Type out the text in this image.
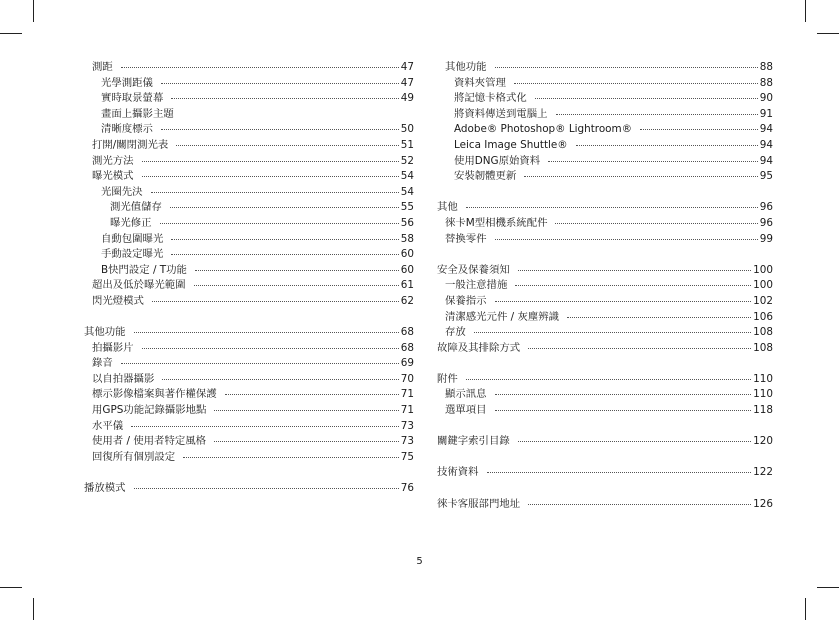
測距	47
光學測距儀	47
實時取景螢幕	49
畫面上攝影主題
清晰度標示	50
打開/關閉測光表	51
測光方法	52
曝光模式	54
光圈先決	54
測光值儲存	55
曝光修正	56
自動包圍曝光	58
手動設定曝光	60
B快門設定 / T功能	60
超出及低於曝光範圍	61
閃光燈模式	62
其他功能	68
拍攝影片	68
錄音	69
以自拍器攝影	70
標示影像檔案與著作權保護	71
用GPS功能記錄攝影地點	71
水平儀	73
使用者 / 使用者特定風格	73
回復所有個別設定	75
播放模式	76
其他功能	88
資料夾管理	88
將記憶卡格式化	90
將資料傳送到電腦上	91
Adobe® Photoshop® Lightroom®	94
Leica Image Shuttle®	94
使用DNG原始資料	94
安裝韌體更新	95
其他	96
徠卡M型相機系統配件	96
替換零件	99
安全及保養須知	100
一般注意措施	100
保養指示	102
清潔感光元件 / 灰塵辨識	106
存放	108
故障及其排除方式	108
附件	110
顯示訊息	110
選單項目	118
關鍵字索引目錄	120
技術資料	122
徠卡客服部門地址	126
5
